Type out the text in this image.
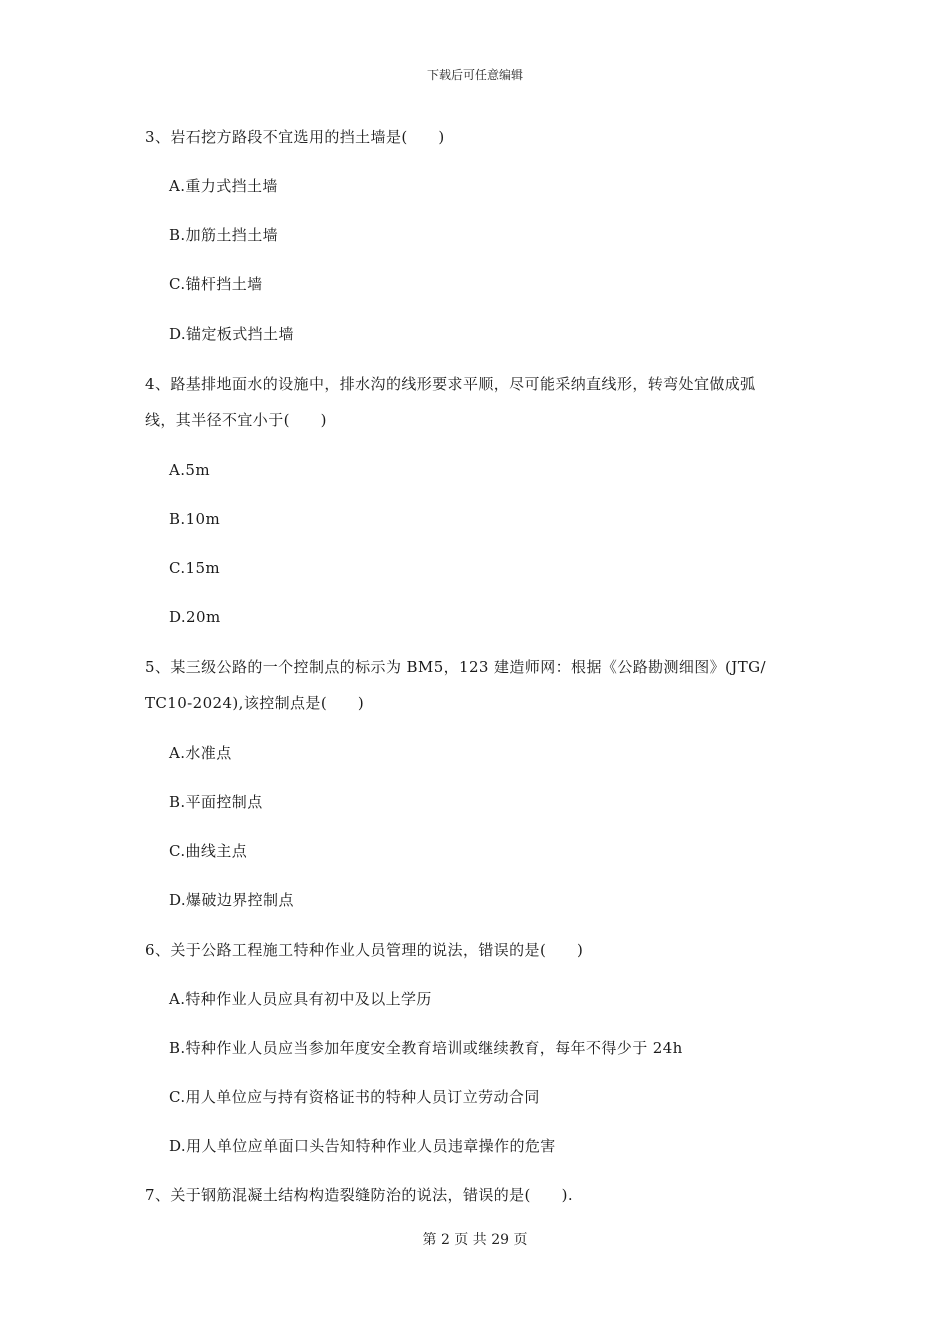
下载后可任意编辑
3、岩石挖方路段不宜选用的挡土墙是(　　)
A.重力式挡土墙
B.加筋土挡土墙
C.锚杆挡土墙
D.锚定板式挡土墙
4、路基排地面水的设施中，排水沟的线形要求平顺，尽可能采纳直线形，转弯处宜做成弧
线，其半径不宜小于(　　)
A.5m
B.10m
C.15m
D.20m
5、某三级公路的一个控制点的标示为 BM5，123 建造师网：根据《公路勘测细图》(JTG/
TC10-2024),该控制点是(　　)
A.水准点
B.平面控制点
C.曲线主点
D.爆破边界控制点
6、关于公路工程施工特种作业人员管理的说法，错误的是(　　)
A.特种作业人员应具有初中及以上学历
B.特种作业人员应当参加年度安全教育培训或继续教育，每年不得少于 24h
C.用人单位应与持有资格证书的特种人员订立劳动合同
D.用人单位应单面口头告知特种作业人员违章操作的危害
7、关于钢筋混凝土结构构造裂缝防治的说法，错误的是(　　).
第 2 页 共 29 页
